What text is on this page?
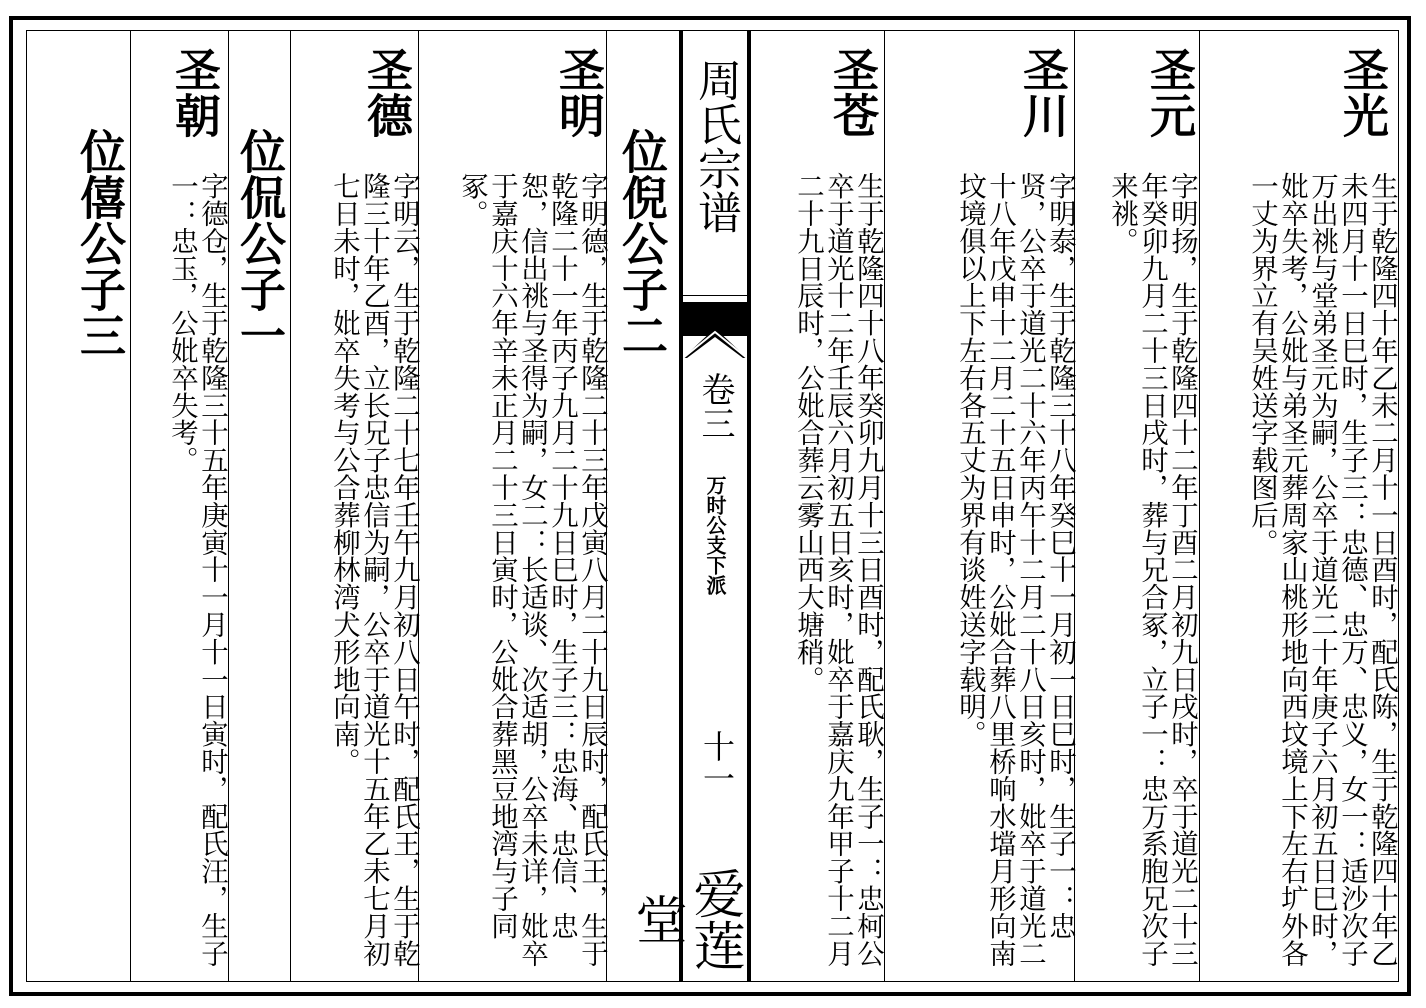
圣光
生于乾隆四十年乙未二月十一日酉时，配氏陈，生于乾隆四十年乙未四月十一日巳时，生子三：忠德、忠万、忠义，女一：适沙次子万出祧与堂弟圣元为嗣，公卒于道光二十年庚子六月初五日巳时，妣卒失考，公妣与弟圣元葬周家山桃形地向西坟境上下左右圹外各一丈为界立有吴姓送字载图后。
圣元
字明扬，生于乾隆四十二年丁酉二月初九日戌时，卒于道光二十三年癸卯九月二十三日戌时，葬与兄合冢，立子一：忠万系胞兄次子来祧。
圣川
字明泰，生于乾隆三十八年癸巳十一月初一日巳时，生子一：忠贤，公卒于道光二十六年丙午十二月二十八日亥时，妣卒于道光二十八年戊申十二月二十五日申时，公妣合葬八里桥响水壋月形向南坟境俱以上下左右各五丈为界有谈姓送字载明。
圣苍
生于乾隆四十八年癸卯九月十三日酉时，配氏耿，生子一：忠柯公卒于道光十二年壬辰六月初五日亥时，妣卒于嘉庆九年甲子十二月二十九日辰时，公妣合葬云雾山西大塘稍。
周氏宗谱
卷三
万时公支下派
十一
爱莲堂
位倪公子二
圣明
字明德，生于乾隆二十三年戊寅八月二十九日辰时，配氏王，生于乾隆二十一年丙子九月二十九日巳时，生子三：忠海、忠信、忠恕，信出祧与圣得为嗣，女二：长适谈、次适胡，公卒未详，妣卒于嘉庆十六年辛未正月二十三日寅时，公妣合葬黑豆地湾与子同冢。
圣德
字明云，生于乾隆二十七年壬午九月初八日午时，配氏王，生于乾隆三十年乙酉，立长兄子忠信为嗣，公卒于道光十五年乙未七月初七日未时，妣卒失考与公合葬柳林湾犬形地向南。
位侃公子一
圣朝
字德仓，生于乾隆三十五年庚寅十一月十一日寅时，配氏汪，生子一：忠玉，公妣卒失考。
位僖公子三
